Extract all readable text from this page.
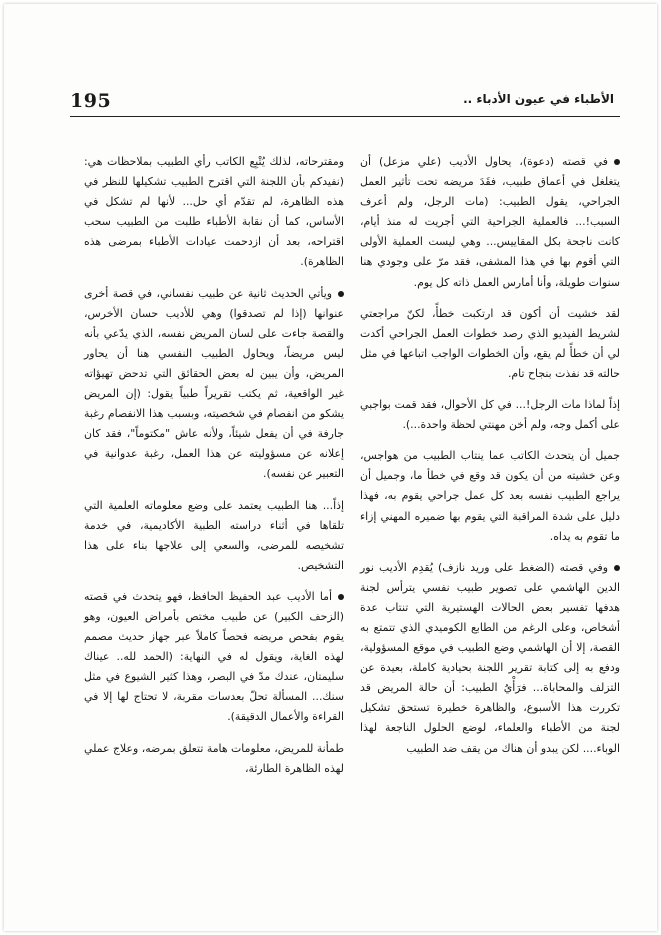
195	الأطباء في عيون الأدباء ..

في قصته (دعوة)، يحاول الأديب (علي مزعل) أن يتغلغل في أعماق طبيب، فقَدَ مريضه تحت تأثير العمل الجراحي، يقول الطبيب: (مات الرجل، ولم أعرف السبب!... فالعملية الجراحية التي أجريت له منذ أيام، كانت ناجحة بكل المقاييس... وهي ليست العملية الأولى التي أقوم بها في هذا المشفى، فقد مرّ على وجودي هنا سنوات طويلة، وأنا أمارس العمل ذاته كل يوم.

لقد خشيت أن أكون قد ارتكبت خطأً، لكنّ مراجعتي لشريط الفيديو الذي رصد خطوات العمل الجراحي أكدت لي أن خطأً لم يقع، وأن الخطوات الواجب اتباعها في مثل حالته قد نفذت بنجاح تام.

إذاً لماذا مات الرجل!... في كل الأحوال، فقد قمت بواجبي على أكمل وجه، ولم أخن مهنتي لحظة واحدة...).

جميل أن يتحدث الكاتب عما ينتاب الطبيب من هواجس، وعن خشيته من أن يكون قد وقع في خطأ ما، وجميل أن يراجع الطبيب نفسه بعد كل عمل جراحي يقوم به، فهذا دليل على شدة المراقبة التي يقوم بها ضميره المهني إزاء ما تقوم به يداه.

وفي قصته (الضغط على وريد نازف) يُقدِم الأديب نور الدين الهاشمي على تصوير طبيب نفسي يترأس لجنة هدفها تفسير بعض الحالات الهستيرية التي تنتاب عدة أشخاص، وعلى الرغم من الطابع الكوميدي الذي تتمتع به القصة، إلا أن الهاشمي وضع الطبيب في موقع المسؤولية، ودفع به إلى كتابة تقرير اللجنة بحيادية كاملة، بعيدة عن التزلف والمحاباة... فرَأْيُ الطبيب: أن حالة المريض قد تكررت هذا الأسبوع، والظاهرة خطيرة تستحق تشكيل لجنة من الأطباء والعلماء، لوضع الحلول الناجعة لهذا الوباء.... لكن يبدو أن هناك من يقف ضد الطبيب

ومقترحاته، لذلك يُتْبِع الكاتب رأي الطبيب بملاحظات هي: (نفيدكم بأن اللجنة التي اقترح الطبيب تشكيلها للنظر في هذه الظاهرة، لم تقدّم أي حل... لأنها لم تشكل في الأساس، كما أن نقابة الأطباء طلبت من الطبيب سحب اقتراحه، بعد أن ازدحمت عيادات الأطباء بمرضى هذه الظاهرة).

ويأتي الحديث ثانية عن طبيب نفساني، في قصة أخرى عنوانها (إذا لم تصدقوا) وهي للأديب حسان الأخرس، والقصة جاءت على لسان المريض نفسه، الذي يدّعي بأنه ليس مريضاً، ويحاول الطبيب النفسي هنا أن يحاور المريض، وأن يبين له بعض الحقائق التي تدحض تهيؤاته غير الواقعية، ثم يكتب تقريراً طبياً يقول: (إن المريض يشكو من انفصام في شخصيته، وبسبب هذا الانفصام رغبة جارفة في أن يفعل شيئاً، ولأنه عاش "مكتوماً"، فقد كان إعلانه عن مسؤوليته عن هذا العمل، رغبة عدوانية في التعبير عن نفسه).

إذاً... هنا الطبيب يعتمد على وضع معلوماته العلمية التي تلقاها في أثناء دراسته الطبية الأكاديمية، في خدمة تشخيصه للمرضى، والسعي إلى علاجها بناء على هذا التشخيص.

أما الأديب عبد الحفيظ الحافظ، فهو يتحدث في قصته (الزحف الكبير) عن طبيب مختص بأمراض العيون، وهو يقوم بفحص مريضه فحصاً كاملاً عبر جهاز حديث مصمم لهذه الغاية، ويقول له في النهاية: (الحمد لله.. عيناك سليمتان، عندك مدّ في البصر، وهذا كثير الشيوع في مثل سنك... المسألة تحلّ بعدسات مقربة، لا تحتاج لها إلا في القراءة والأعمال الدقيقة).

طمأنة للمريض، معلومات هامة تتعلق بمرضه، وعلاج عملي لهذه الظاهرة الطارئة،
